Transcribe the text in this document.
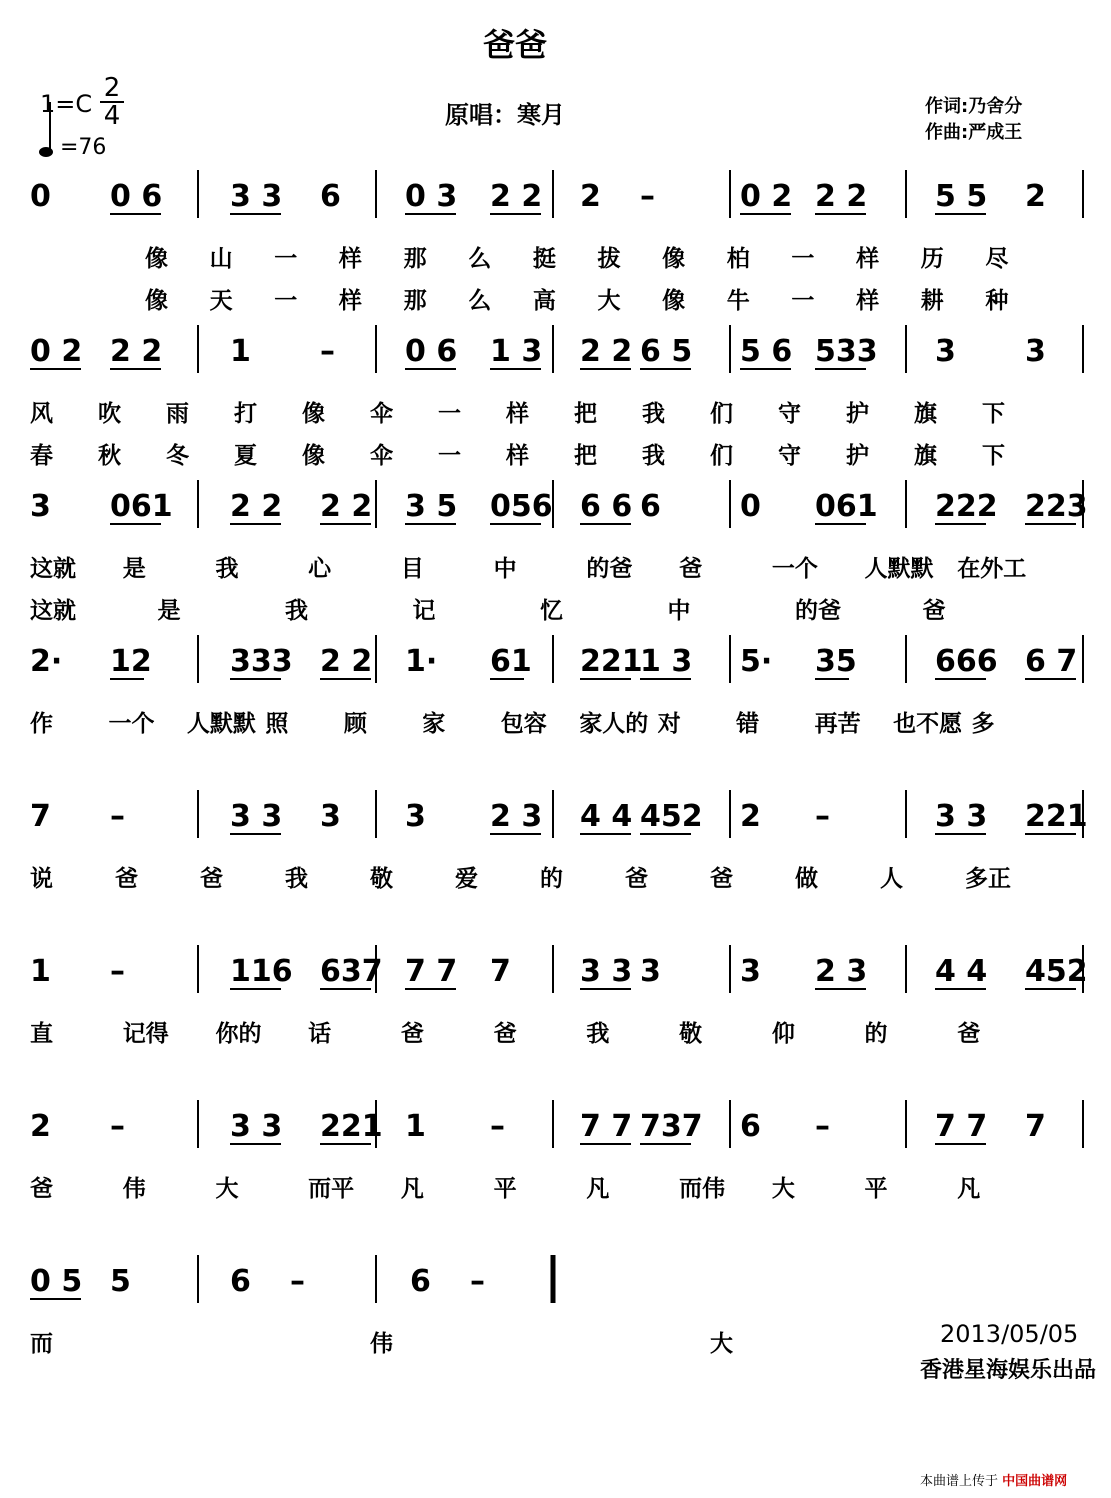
爸爸
1=C
2
4
=76
原唱：寒月	作词:乃舍分
作曲:严成王
0 0 6 3 3 6 0 3 2 2 2 –	0 2 2 2 5 5 2
像 山 一 样 那 么 挺 拔 像 柏 一 样 历 尽
像 天 一 样 那 么 高 大 像 牛 一 样 耕 种
0 2 2 2 1 – 0 6 1 3 2 2 6 5 5 6 533 3 3
风 吹 雨 打 像 伞 一 样 把 我 们 守 护 旗 下
春 秋 冬 夏 像 伞 一 样 把 我 们 守 护 旗 下
3 061 2 2 2 2 3 5 056 6 6 6	0 061 222 223
这就 是	我	心	目	中	的爸 爸	一个 人默默 在外工
这就	是	我	记	忆	中	的爸	爸
2· 12	333 2 2 1· 61 221
1 3 5· 35	666 6 7
作 一个 人默默 照 顾 家 包容 家人的 对 错 再苦 也不愿 多
7 –	3 3 3 3 2 3 4 4 452 2 –	3 3 221
说	爸	爸	我	敬	爱	的	爸	爸	做	人	多正
1 –	116 637 7 7 7 3 3 3	3 2 3 4 4 452
直	记得 你的 话	爸	爸	我	敬	仰	的	爸
2 –	3 3 221 1 –	7 7 737 6 –	7 7 7
爸	伟	大	而平 凡	平	凡	而伟 大	平	凡
0 5 5	6 –	6 –
而	伟	大	2013/05/05
香港星海娱乐出品
本曲谱上传于 中国曲谱网
